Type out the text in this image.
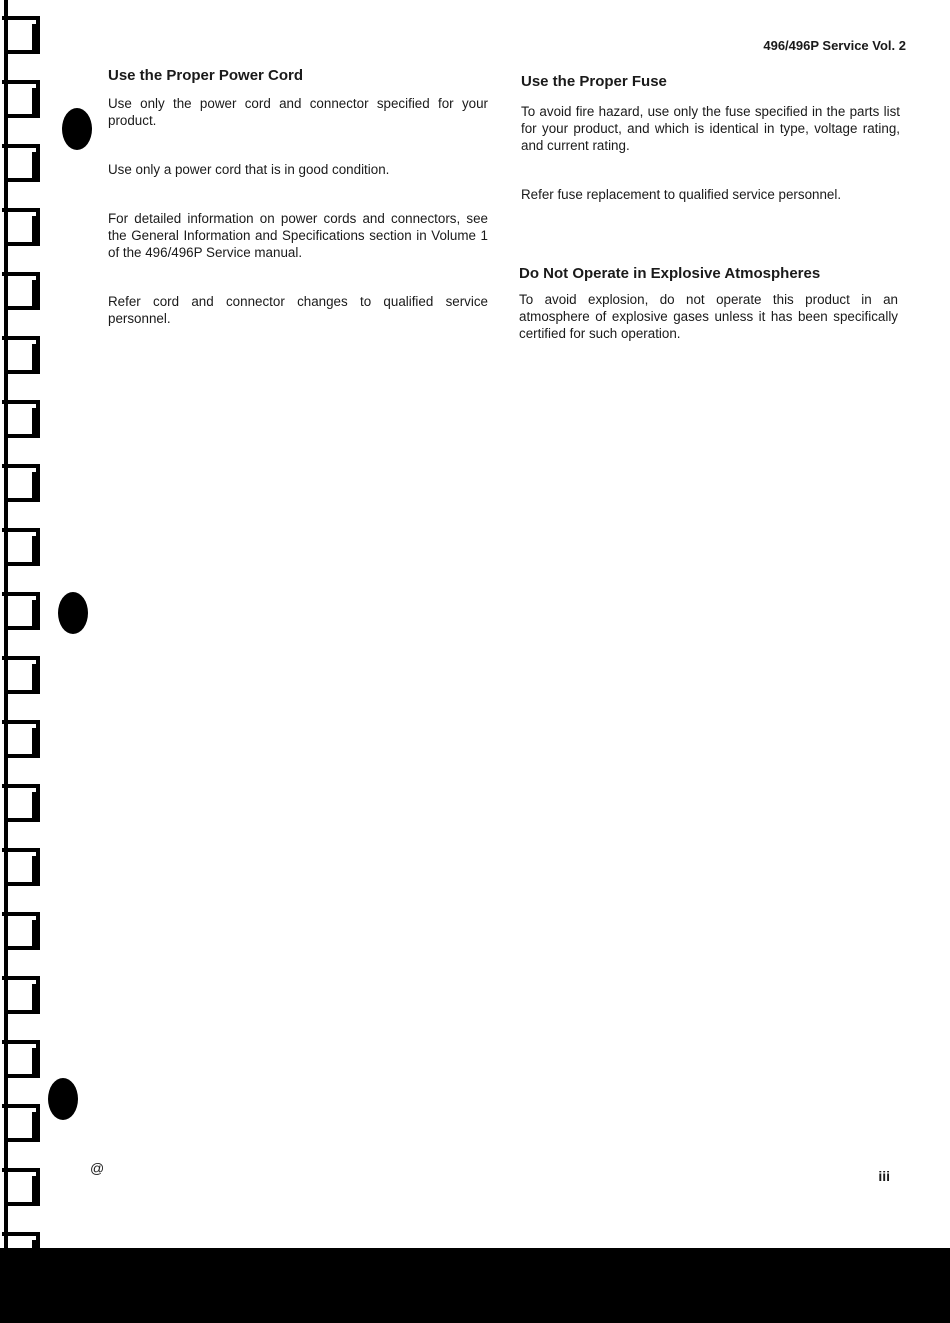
496/496P Service Vol. 2
Use the Proper Power Cord

Use only the power cord and connector specified for your product.

Use only a power cord that is in good condition.

For detailed information on power cords and connectors, see the General Information and Specifications section in Volume 1 of the 496/496P Service manual.

Refer cord and connector changes to qualified service personnel.

Use the Proper Fuse

To avoid fire hazard, use only the fuse specified in the parts list for your product, and which is identical in type, voltage rating, and current rating.

Refer fuse replacement to qualified service personnel.

Do Not Operate in Explosive Atmospheres

To avoid explosion, do not operate this product in an atmosphere of explosive gases unless it has been specifically certified for such operation.

@	iii
